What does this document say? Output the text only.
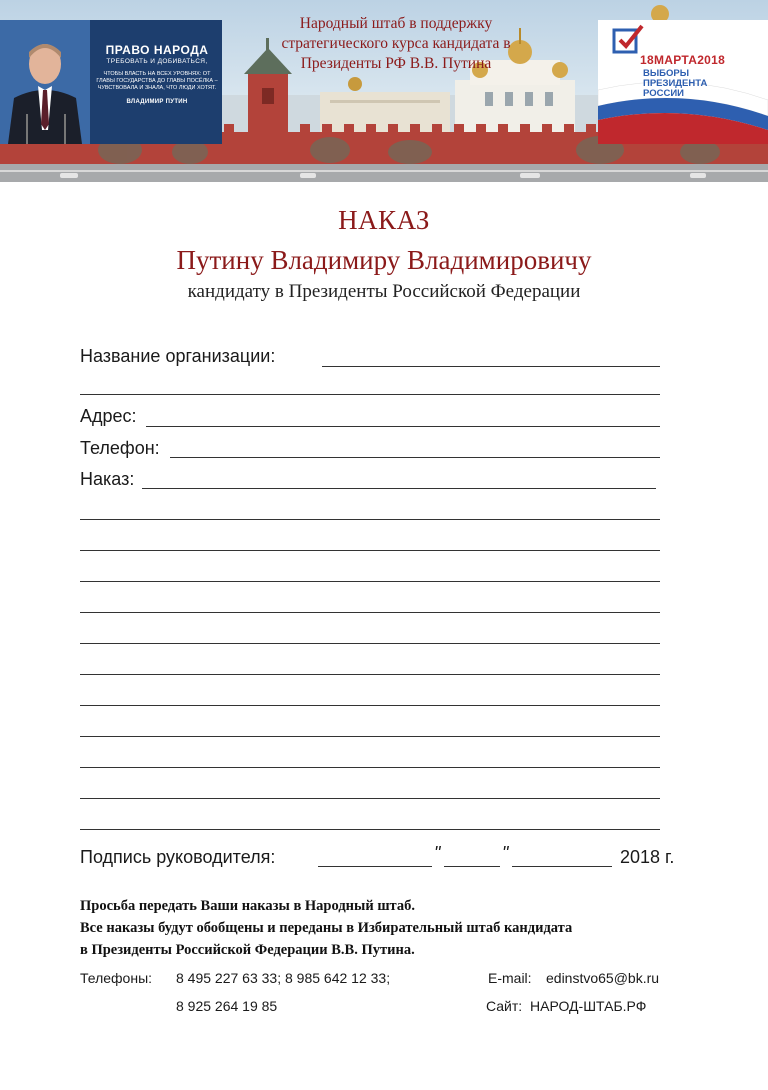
ПРАВО НАРОДА
ТРЕБОВАТЬ И ДОБИВАТЬСЯ,
ЧТОБЫ ВЛАСТЬ НА ВСЕХ УРОВНЯХ: ОТ ГЛАВЫ ГОСУДАРСТВА ДО ГЛАВЫ ПОСЁЛКА – ЧУВСТВОВАЛА И ЗНАЛА, ЧТО ЛЮДИ ХОТЯТ.
ВЛАДИМИР ПУТИН
Народный штаб в поддержку
стратегического курса кандидата в
Президенты РФ В.В. Путина	18МАРТА2018
ВЫБОРЫ ПРЕЗИДЕНТА РОССИИ
НАКАЗ
Путину Владимиру Владимировичу
кандидату в Президенты Российской Федерации
Название организации:
Адрес:
Телефон:
Наказ:
Подпись руководителя:	"	"	2018 г.
Просьба передать Ваши наказы в Народный штаб.
Все наказы будут обобщены и переданы в Избирательный штаб кандидата
в Президенты Российской Федерации В.В. Путина.
Телефоны: 8 495 227 63 33; 8 985 642 12 33;
8 925 264 19 85
E-mail: edinstvo65@bk.ru
Сайт: НАРОД-ШТАБ.РФ
